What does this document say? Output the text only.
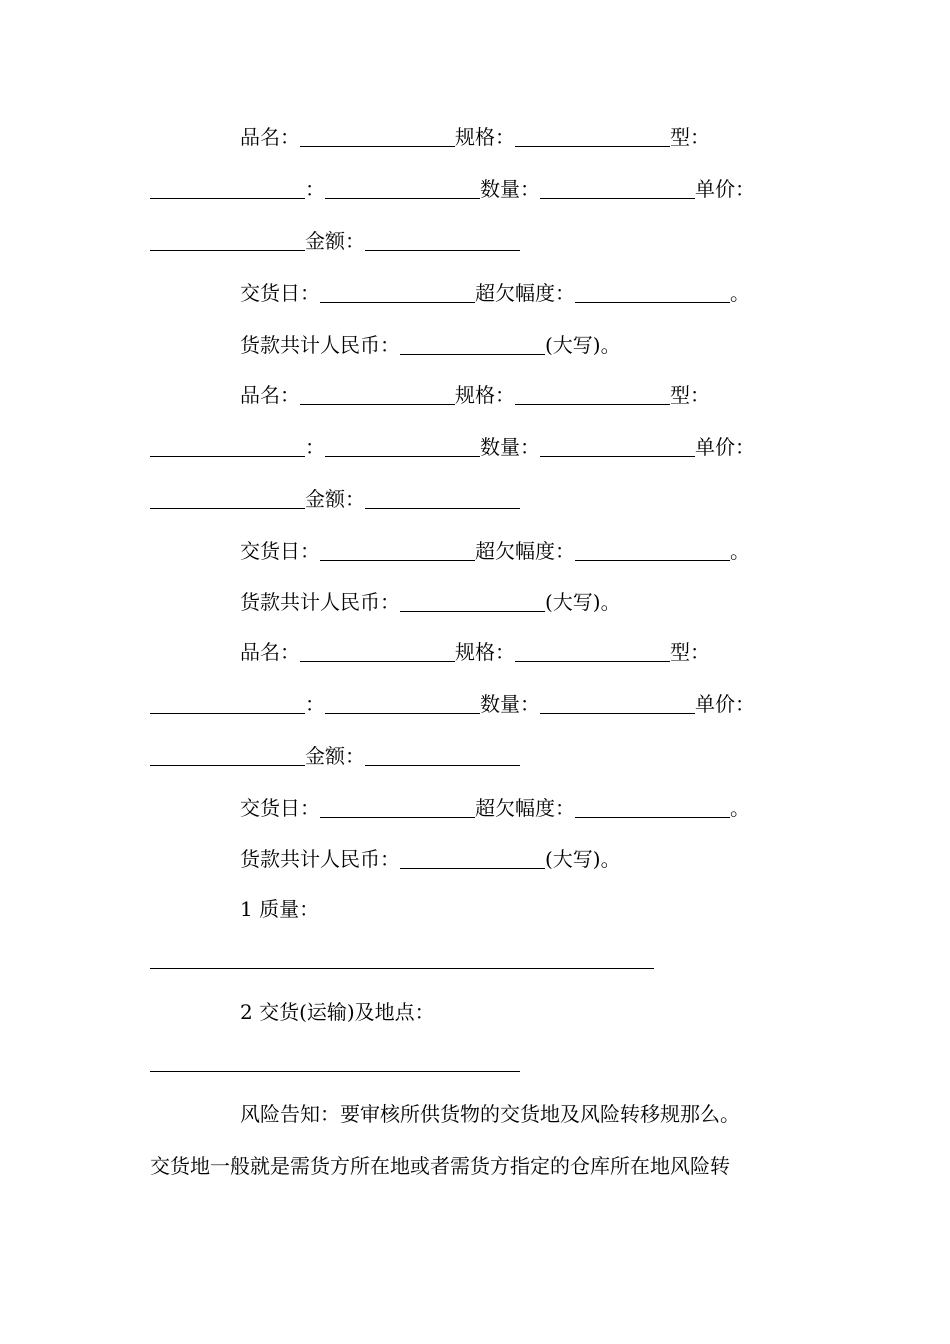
品名：	规格：	型：
：	数量：	单价：
金额：
交货日：	超欠幅度：	。
货款共计人民币：	(大写)。
品名：	规格：	型：
：	数量：	单价：
金额：
交货日：	超欠幅度：	。
货款共计人民币：	(大写)。
品名：	规格：	型：
：	数量：	单价：
金额：
交货日：	超欠幅度：	。
货款共计人民币：	(大写)。
1 质量：
2 交货(运输)及地点：
风险告知：要审核所供货物的交货地及风险转移规那么。
交货地一般就是需货方所在地或者需货方指定的仓库所在地风险转
